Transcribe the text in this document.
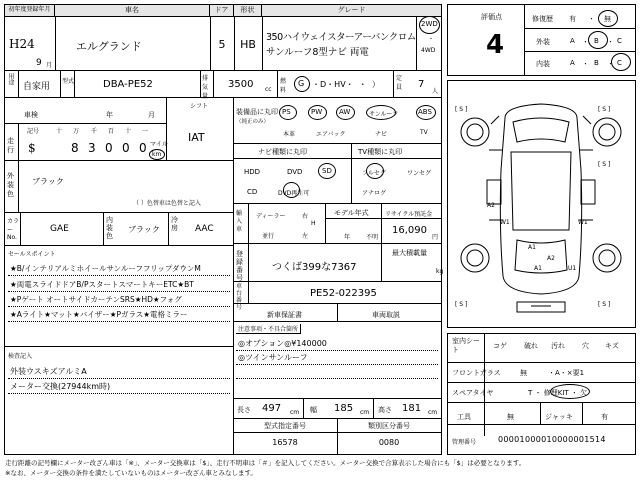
初年度登録年月	車名	ドア	形状	グレード
H24
9 月
エルグランド	5	HB
350ハイウェイスターアーバンクロム
サンルーフ8型ナビ 両電
2WD
・
4WD
用途
自家用
型式	DBA-PE52
排気量
3500 cc
燃料
G ・D・HV・  ・  ）
定員	7
人
車検	年	月
シフト
IAT
走行
記号	十 万 千 百 十 一
$	8 3 0 0 0 マイル
km
外装色
ブラック
（ ）色替車は色替と記入
カラー No.
GAE
内装色
ブラック
冷房	AAC
セールスポイント
★B/インテリアルミホイールサンルーフフリップダウンM
★両電スライドドアB/PスタートスマートキーETC★BT
★Pゲート オートサイドカーテンSRS★HD★フォグ
★Aライト★マット★バイザー★Pガラス★電格ミラー
検査記入
外装ウスキズアルミA
メーター交換(27944km時)
装備品に丸印
（純正のみ）
PS	PW AW	サンルーフ	ABS
本革	エアバック	ナビ	TV
ナビ種類に丸印	TV種類に丸印
HDD	DVD	SD
CD	DVD再生可
フルセグ	ワンセグ
アナログ
輸入車
ディーラー	右
H
並行	左
モデル年式
年	不明
リサイクル預託金
16,090
円
登録番号
つくば399な7367
最大積載量
kg
車台番号
PE52-022395
新車保証書	車両取説
注意事項・不具合箇所
◎オプション◎¥140000
◎ツインサンルーフ
長さ 497 cm 幅 185 cm 高さ 181 cm
型式指定番号	類別区分番号
16578	0080
評価点
4
修復歴 有 ・ 無
外装	A ・ B ・ C
内装	A ・ B ・ C
[ S ]	[ S ]
[ S ]
A2
W1	W1
A1
A2
A1	U1
[ S ]	[ S ]
室内シート	コゲ 破れ 汚れ 穴 キズ
フロントガラス	無	・A・×要1
スペアタイヤ	T ・ 修理KIT ・ 欠
工具	無	ジャッキ	有
管理番号	00001000010000001514
走行距離の記号欄にメーター改ざん車は「※」、メーター交換車は「$」、走行不明車は「＃」を記入してください。メーター交換で合算表示した場合にも「$」は必要となります。
※なお、メーター交換の条件を満たしていないものはメーター改ざん車とみなします。
